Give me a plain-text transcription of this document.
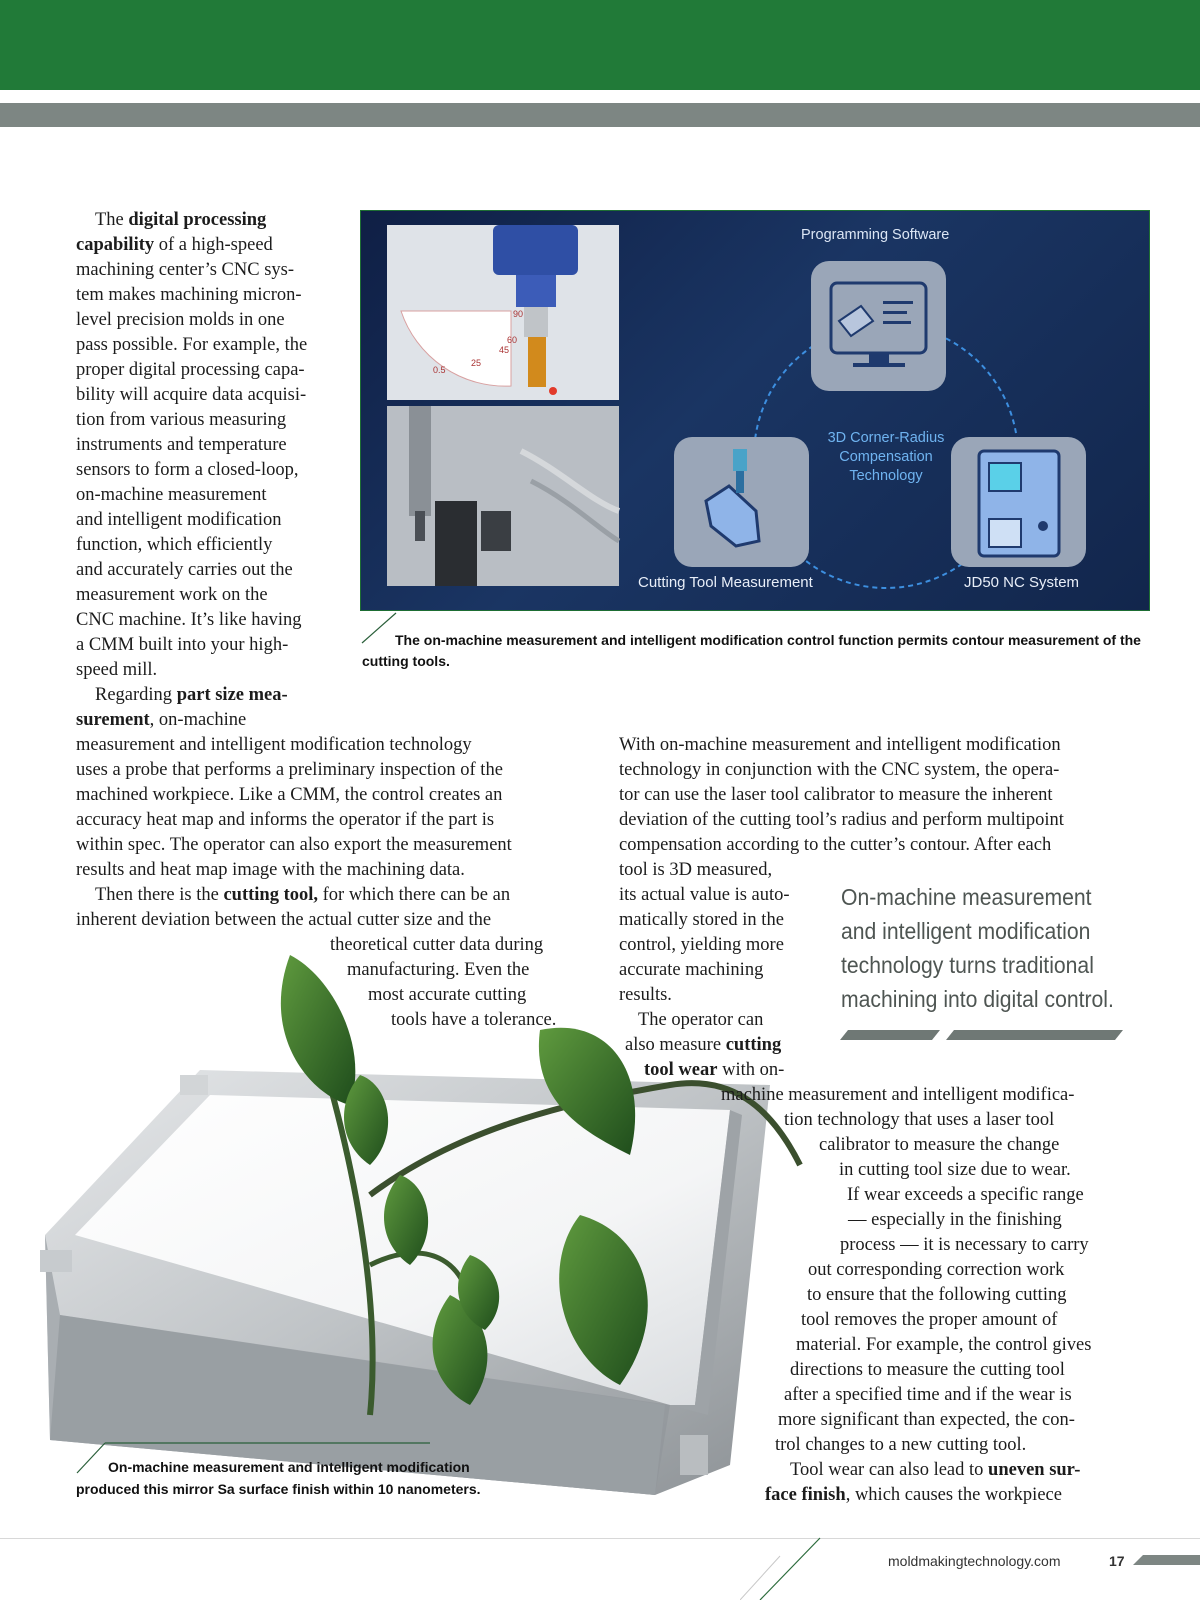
90
60
45
25
0.5
Programming Software
3D Corner-Radius
Compensation
Technology
Cutting Tool Measurement	JD50 NC System
The on-machine measurement and intelligent modification control function permits contour measurement of the
cutting tools.
On-machine measurement and intelligent modification
produced this mirror Sa surface finish within 10 nanometers.
The digital processing
capability of a high-speed
machining center’s CNC sys-
tem makes machining micron-
level precision molds in one
pass possible. For example, the
proper digital processing capa-
bility will acquire data acquisi-
tion from various measuring
instruments and temperature
sensors to form a closed-loop,
on-machine measurement
and intelligent modification
function, which efficiently
and accurately carries out the
measurement work on the
CNC machine. It’s like having
a CMM built into your high-
speed mill.
Regarding part size mea-
surement, on-machine
measurement and intelligent modification technology
uses a probe that performs a preliminary inspection of the
machined workpiece. Like a CMM, the control creates an
accuracy heat map and informs the operator if the part is
within spec. The operator can also export the measurement
results and heat map image with the machining data.
Then there is the cutting tool, for which there can be an
inherent deviation between the actual cutter size and the
theoretical cutter data during
manufacturing. Even the
most accurate cutting
tools have a tolerance.
With on-machine measurement and intelligent modification
technology in conjunction with the CNC system, the opera-
tor can use the laser tool calibrator to measure the inherent
deviation of the cutting tool’s radius and perform multipoint
compensation according to the cutter’s contour. After each
tool is 3D measured,
its actual value is auto-
matically stored in the
control, yielding more
accurate machining
results.
The operator can
also measure cutting
tool wear with on-
machine measurement and intelligent modifica-
tion technology that uses a laser tool
calibrator to measure the change
in cutting tool size due to wear.
If wear exceeds a specific range
— especially in the finishing
process — it is necessary to carry
out corresponding correction work
to ensure that the following cutting
tool removes the proper amount of
material. For example, the control gives
directions to measure the cutting tool
after a specified time and if the wear is
more significant than expected, the con-
trol changes to a new cutting tool.
Tool wear can also lead to uneven sur-
face finish, which causes the workpiece
On-machine measurement
and intelligent modification
technology turns traditional
machining into digital control.
moldmakingtechnology.com	17
